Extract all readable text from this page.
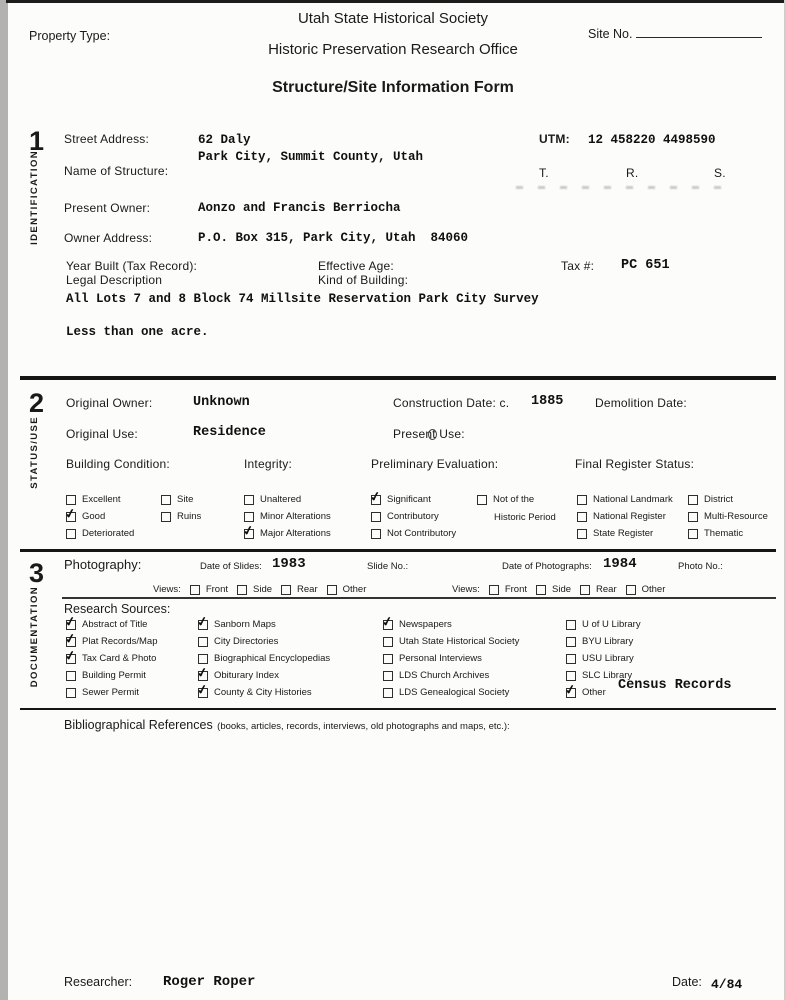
Utah State Historical Society
Property Type:	Site No.
Historic Preservation Research Office
Structure/Site Information Form
1
IDENTIFICATION
Street Address:	62 Daly
Park City, Summit County, Utah
UTM: 12 458220 4498590
Name of Structure:	T.	R.	S.
Present Owner:	Aonzo and Francis Berriocha
Owner Address:	P.O. Box 315, Park City, Utah  84060
Year Built (Tax Record):	Effective Age:	Tax #: PC 651
Legal Description	Kind of Building:
All Lots 7 and 8 Block 74 Millsite Reservation Park City Survey
Less than one acre.
2
STATUS/USE
Original Owner:	Unknown	Construction Date: c. 1885	Demolition Date:
Original Use:	Residence	Present Use:
Building Condition:	Integrity:	Preliminary Evaluation:	Final Register Status:
Excellent
✓
Good
Deteriorated
Site
Ruins
Unaltered
Minor Alterations
✓
Major Alterations
✓
Significant
Contributory
Not Contributory
Not of the
Historic Period
National Landmark
National Register
State Register
District
Multi-Resource
Thematic
3
DOCUMENTATION
Photography:	Date of Slides: 1983	Slide No.:	Date of Photographs: 1984	Photo No.:
Views:	Front	Side	Rear	Other	Views:	Front	Side	Rear	Other
Research Sources:
✓
Abstract of Title
✓
Plat Records/Map
✓
Tax Card & Photo
Building Permit
Sewer Permit
✓
Sanborn Maps
City Directories
Biographical Encyclopedias
✓
Obiturary Index
✓
County & City Histories
✓
Newspapers
Utah State Historical Society
Personal Interviews
LDS Church Archives
LDS Genealogical Society
U of U Library
BYU Library
USU Library
SLC Library
✓
Other Census Records
Bibliographical References (books, articles, records, interviews, old photographs and maps, etc.):
Researcher: Roger Roper	Date: 4/84
